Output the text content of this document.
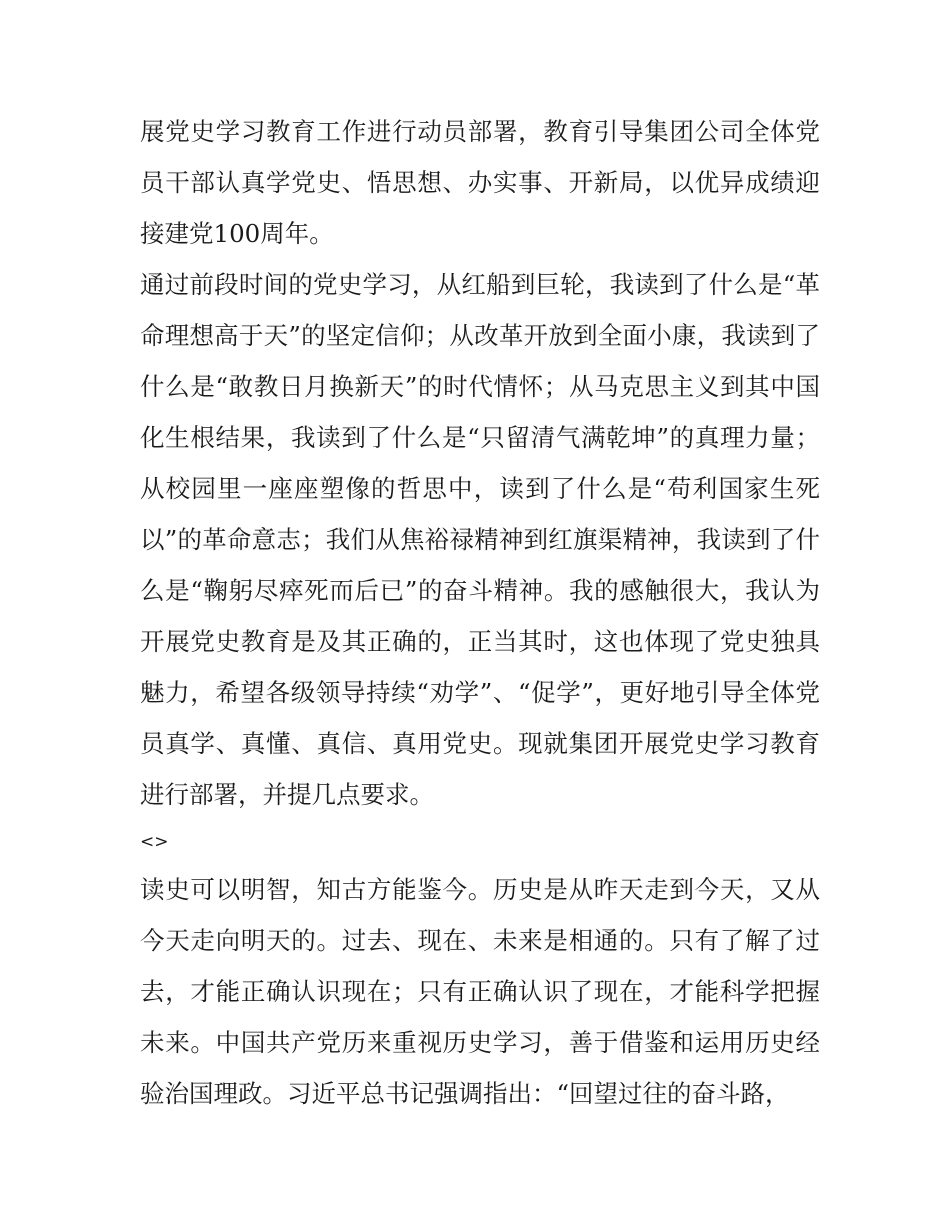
展党史学习教育工作进行动员部署，教育引导集团公司全体党员干部认真学党史、悟思想、办实事、开新局，以优异成绩迎接建党100周年。

通过前段时间的党史学习，从红船到巨轮，我读到了什么是“革命理想高于天”的坚定信仰；从改革开放到全面小康，我读到了什么是“敢教日月换新天”的时代情怀；从马克思主义到其中国化生根结果，我读到了什么是“只留清气满乾坤”的真理力量；从校园里一座座塑像的哲思中，读到了什么是“苟利国家生死以”的革命意志；我们从焦裕禄精神到红旗渠精神，我读到了什么是“鞠躬尽瘁死而后已”的奋斗精神。我的感触很大，我认为开展党史教育是及其正确的，正当其时，这也体现了党史独具魅力，希望各级领导持续“劝学”、“促学”，更好地引导全体党员真学、真懂、真信、真用党史。现就集团开展党史学习教育进行部署，并提几点要求。

<>

读史可以明智，知古方能鉴今。历史是从昨天走到今天，又从今天走向明天的。过去、现在、未来是相通的。只有了解了过去，才能正确认识现在；只有正确认识了现在，才能科学把握未来。中国共产党历来重视历史学习，善于借鉴和运用历史经验治国理政。习近平总书记强调指出：“回望过往的奋斗路，
